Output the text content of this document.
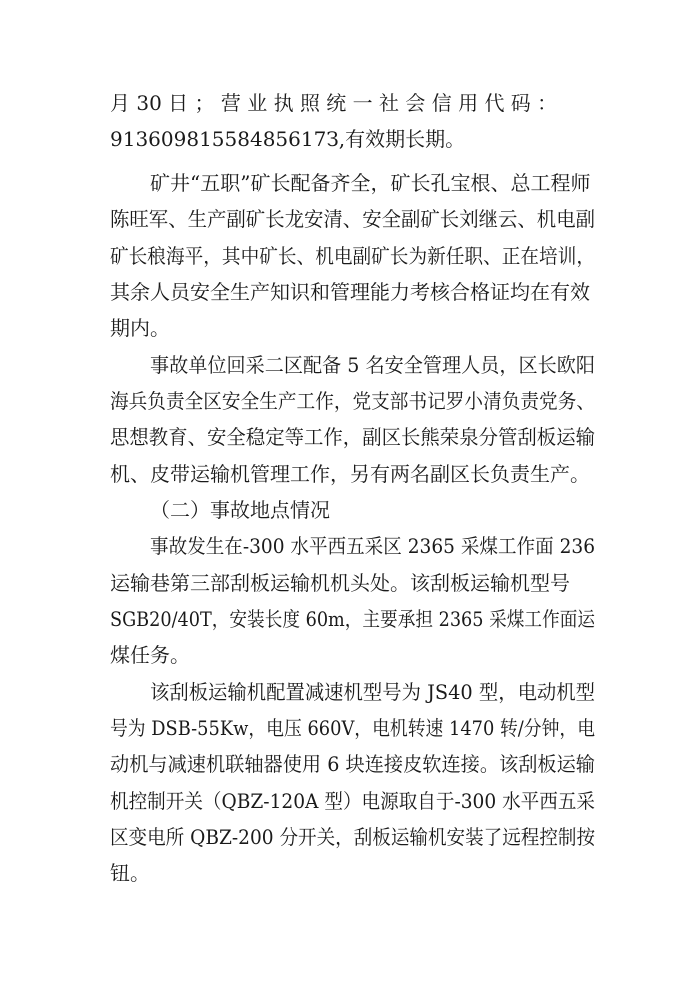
月 30 日 ； 营 业 执 照 统 一 社 会 信 用 代 码 ：
91360981558485617З,有效期长期。
矿井“五职”矿长配备齐全，矿长孔宝根、总工程师
陈旺军、生产副矿长龙安清、安全副矿长刘继云、机电副
矿长稂海平，其中矿长、机电副矿长为新任职、正在培训，
其余人员安全生产知识和管理能力考核合格证均在有效
期内。
事故单位回采二区配备 5 名安全管理人员，区长欧阳
海兵负责全区安全生产工作，党支部书记罗小清负责党务、
思想教育、安全稳定等工作，副区长熊荣泉分管刮板运输
机、皮带运输机管理工作，另有两名副区长负责生产。
（二）事故地点情况
事故发生在-300 水平西五采区 2365 采煤工作面 236
运输巷第三部刮板运输机机头处。该刮板运输机型号
SGB20/40T，安装长度 60m，主要承担 2365 采煤工作面运
煤任务。
该刮板运输机配置减速机型号为 JS40 型，电动机型
号为 DSB-55Kw，电压 660V，电机转速 1470 转/分钟，电
动机与减速机联轴器使用 6 块连接皮软连接。该刮板运输
机控制开关（QBZ-120A 型）电源取自于-300 水平西五采
区变电所 QBZ-200 分开关，刮板运输机安装了远程控制按
钮。
